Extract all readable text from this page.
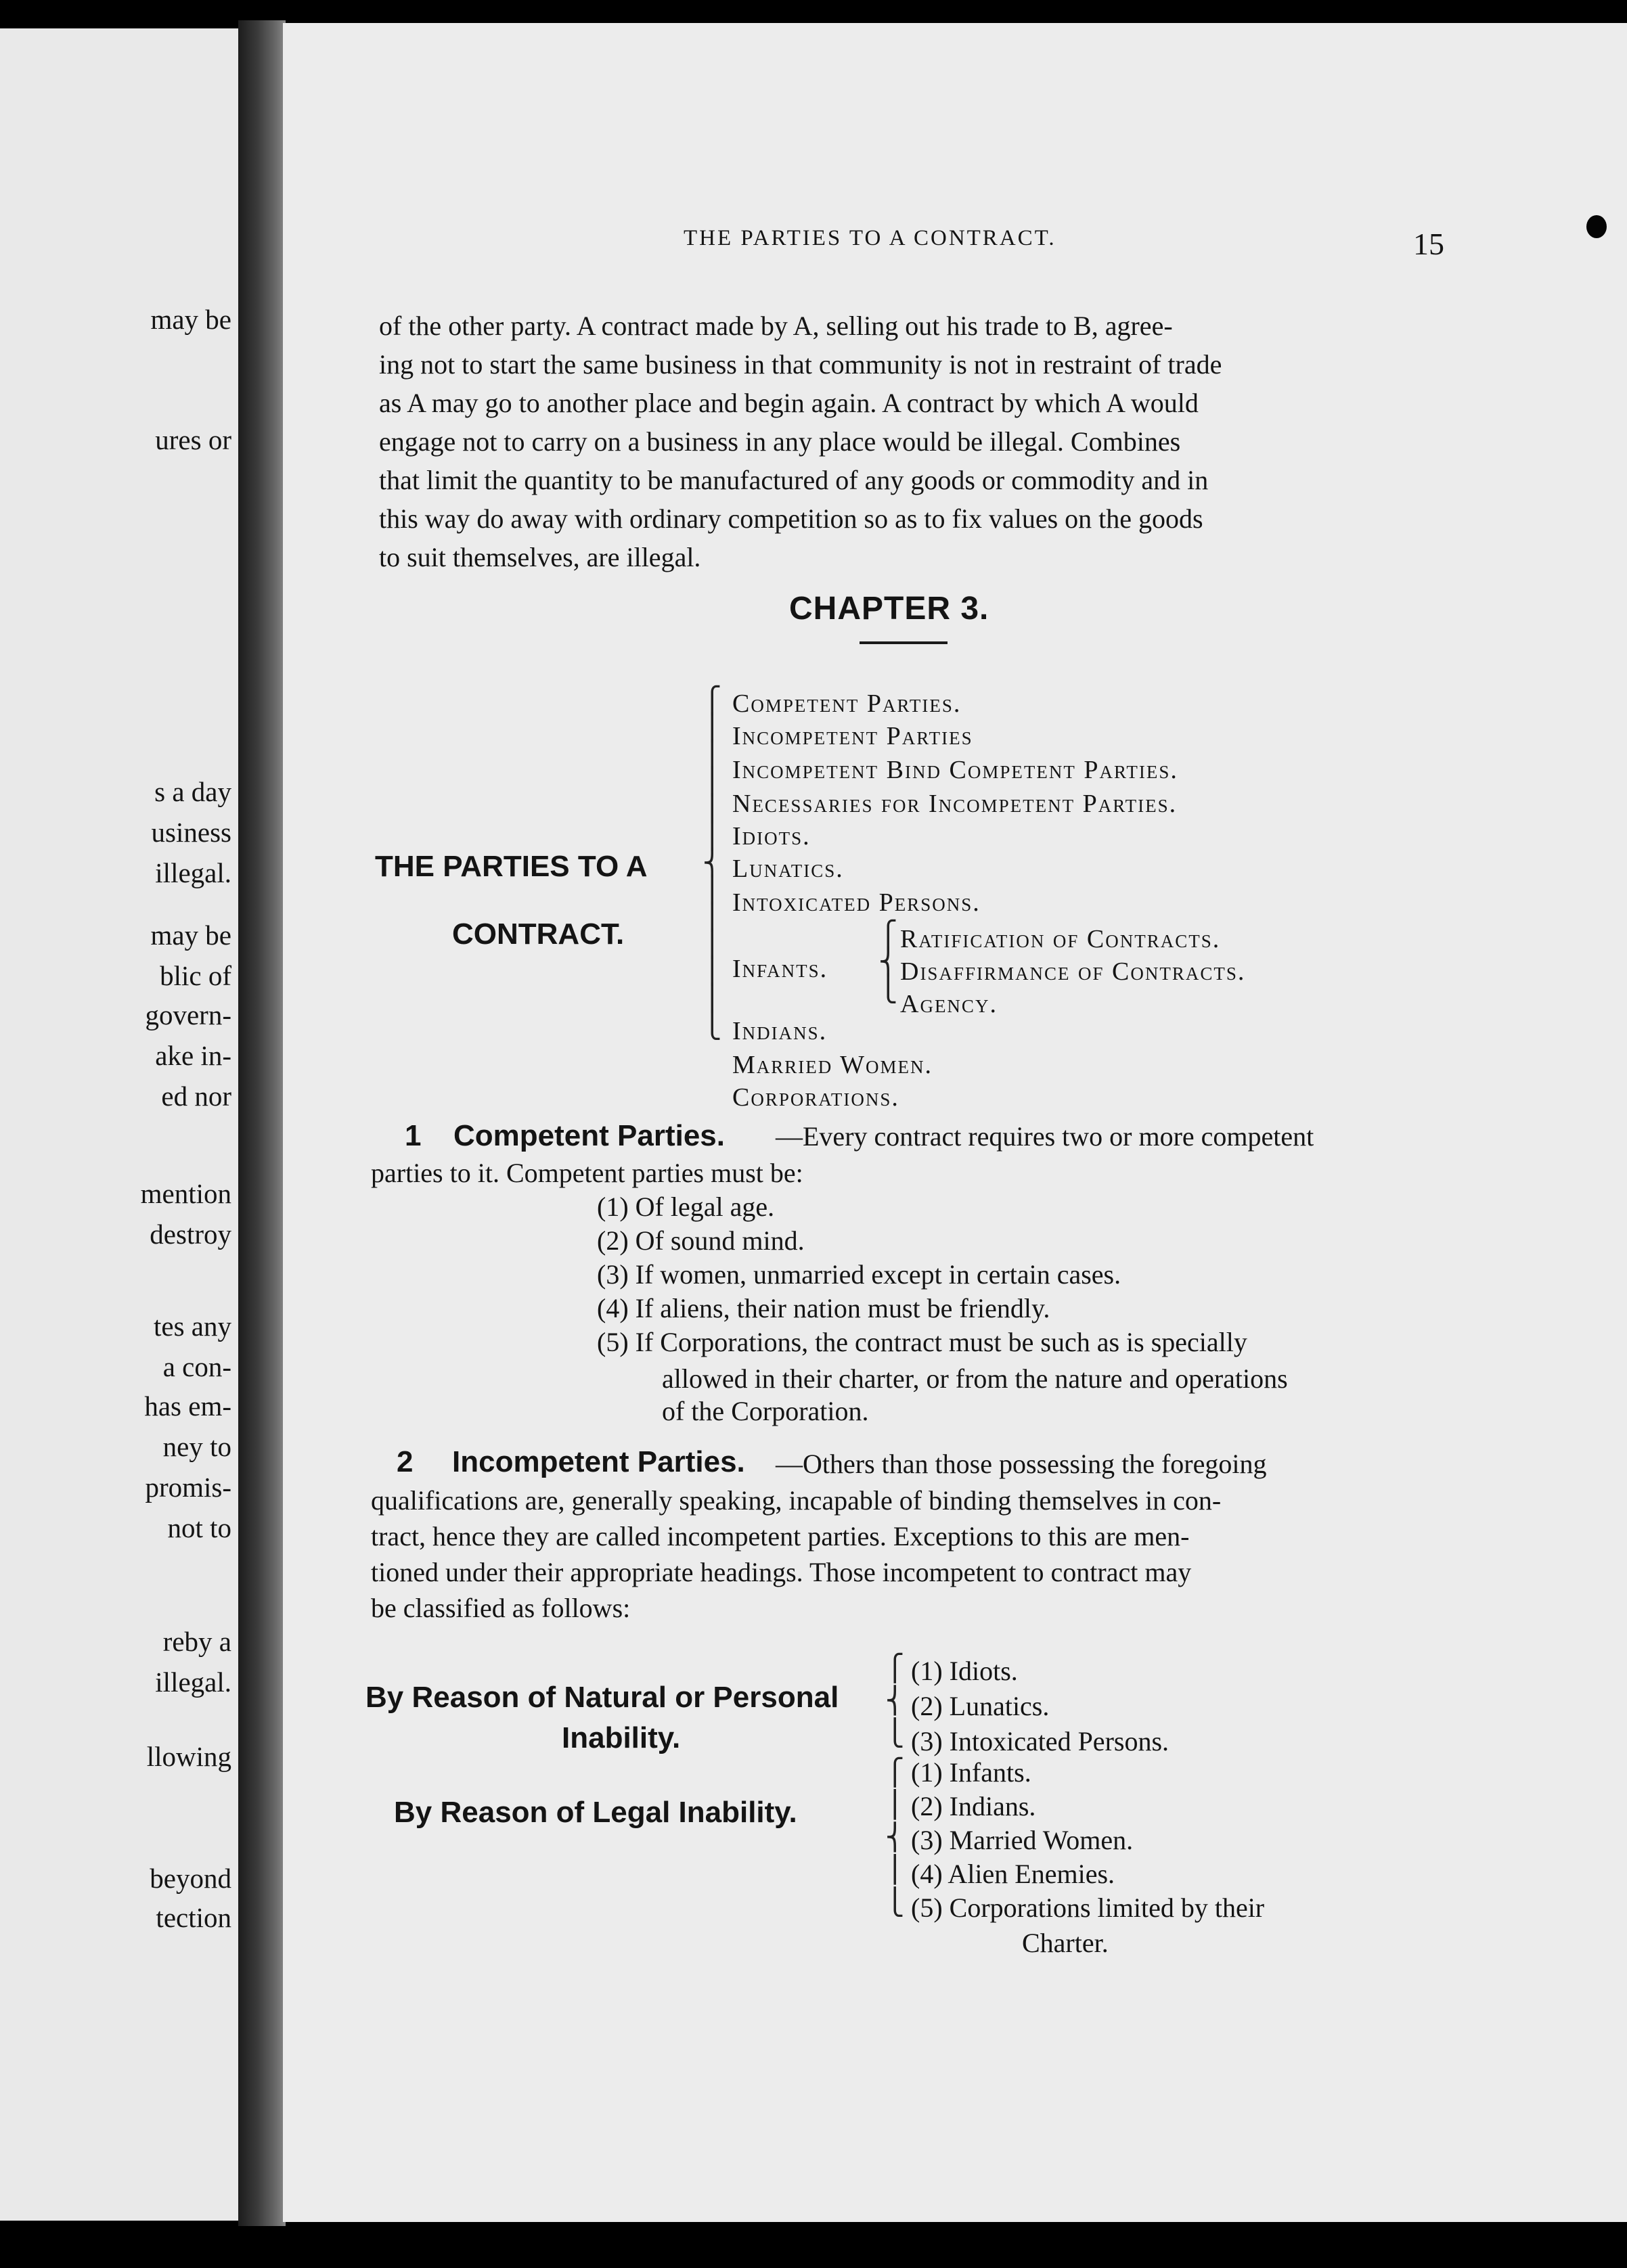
may be
ures or
s a day
usiness
illegal.
may be
blic of
govern-
ake in-
ed nor
mention
destroy
tes any
a con-
has em-
ney to
promis-
not to
reby a
illegal.
llowing
beyond
tection
THE PARTIES TO A CONTRACT.	15
of the other party. A contract made by A, selling out his trade to B, agree-
ing not to start the same business in that community is not in restraint of trade
as A may go to another place and begin again. A contract by which A would
engage not to carry on a business in any place would be illegal. Combines
that limit the quantity to be manufactured of any goods or commodity and in
this way do away with ordinary competition so as to fix values on the goods
to suit themselves, are illegal.
CHAPTER 3.
THE PARTIES TO A
CONTRACT.
⎧
⎪
⎪
⎪
⎪
⎪
⎨
⎪
⎪
⎪
⎪
⎪
⎩
Competent Parties.
Incompetent Parties
Incompetent Bind Competent Parties.
Necessaries for Incompetent Parties.
Idiots.
Lunatics.
Intoxicated Persons.
Infants.
Indians.
Married Women.
Corporations.
⎧
⎨
⎩
Ratification of Contracts.
Disaffirmance of Contracts.
Agency.
1 Competent Parties. —Every contract requires two or more competent
parties to it. Competent parties must be:
(1) Of legal age.
(2) Of sound mind.
(3) If women, unmarried except in certain cases.
(4) If aliens, their nation must be friendly.
(5) If Corporations, the contract must be such as is specially
allowed in their charter, or from the nature and operations
of the Corporation.
2 Incompetent Parties. —Others than those possessing the foregoing
qualifications are, generally speaking, incapable of binding themselves in con-
tract, hence they are called incompetent parties. Exceptions to this are men-
tioned under their appropriate headings. Those incompetent to contract may
be classified as follows:
By Reason of Natural or Personal
Inability.
By Reason of Legal Inability.
⎧
⎨
⎩
⎧
⎪
⎨
⎪
⎩
(1) Idiots.
(2) Lunatics.
(3) Intoxicated Persons.
(1) Infants.
(2) Indians.
(3) Married Women.
(4) Alien Enemies.
(5) Corporations limited by their
Charter.
